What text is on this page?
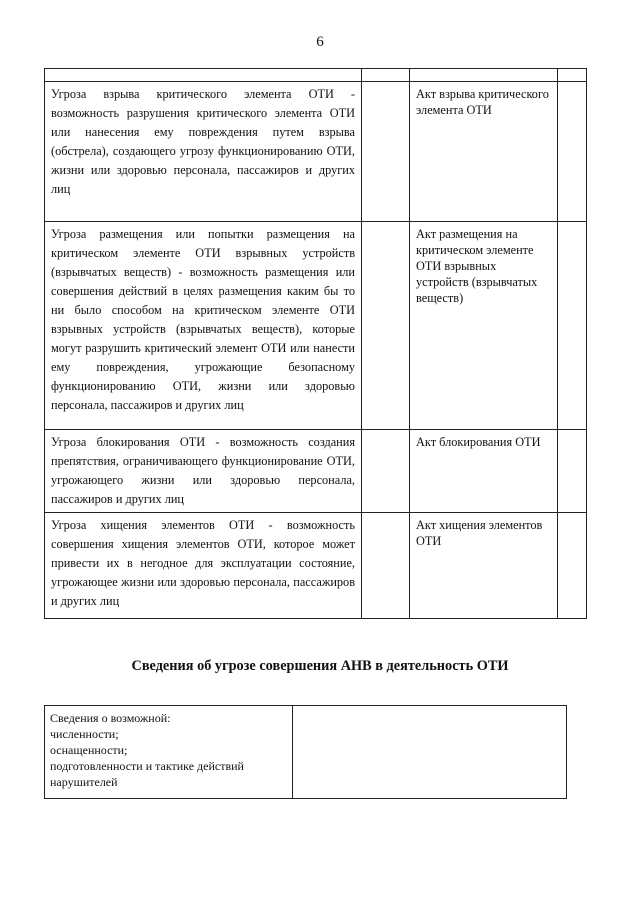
6

Угроза взрыва критического элемента ОТИ - возможность разрушения критического элемента ОТИ или нанесения ему повреждения путем взрыва (обстрела), создающего угрозу функционированию ОТИ, жизни или здоровью персонала, пассажиров и других лиц		Акт взрыва критического элемента ОТИ	
Угроза размещения или попытки размещения на критическом элементе ОТИ взрывных устройств (взрывчатых веществ) - возможность размещения или совершения действий в целях размещения каким бы то ни было способом на критическом элементе ОТИ взрывных устройств (взрывчатых веществ), которые могут разрушить критический элемент ОТИ или нанести ему повреждения, угрожающие безопасному функционированию ОТИ, жизни или здоровью персонала, пассажиров и других лиц		Акт размещения на критическом элементе ОТИ взрывных устройств (взрывчатых веществ)	
Угроза блокирования ОТИ - возможность создания препятствия, ограничивающего функционирование ОТИ, угрожающего жизни или здоровью персонала, пассажиров и других лиц		Акт блокирования ОТИ	
Угроза хищения элементов ОТИ - возможность совершения хищения элементов ОТИ, которое может привести их в негодное для эксплуатации состояние, угрожающее жизни или здоровью персонала, пассажиров и других лиц		Акт хищения элементов ОТИ	
Сведения об угрозе совершения АНВ в деятельность ОТИ
Сведения о возможной:
численности;
оснащенности;
подготовленности и тактике действий нарушителей
